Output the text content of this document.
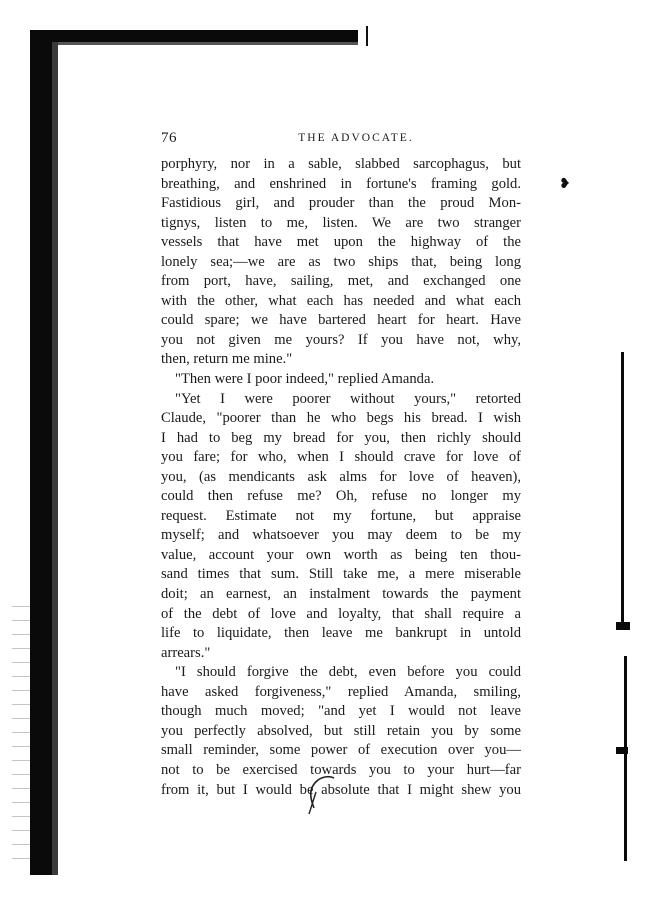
❥
76	THE ADVOCATE.
porphyry, nor in a sable, slabbed sarcophagus, but
breathing, and enshrined in fortune's framing gold.
Fastidious girl, and prouder than the proud Mon-
tignys, listen to me, listen. We are two stranger
vessels that have met upon the highway of the
lonely sea;—we are as two ships that, being long
from port, have, sailing, met, and exchanged one
with the other, what each has needed and what each
could spare; we have bartered heart for heart. Have
you not given me yours? If you have not, why,
then, return me mine."
"Then were I poor indeed," replied Amanda.
"Yet I were poorer without yours," retorted
Claude, "poorer than he who begs his bread. I wish
I had to beg my bread for you, then richly should
you fare; for who, when I should crave for love of
you, (as mendicants ask alms for love of heaven),
could then refuse me? Oh, refuse no longer my
request. Estimate not my fortune, but appraise
myself; and whatsoever you may deem to be my
value, account your own worth as being ten thou-
sand times that sum. Still take me, a mere miserable
doit; an earnest, an instalment towards the payment
of the debt of love and loyalty, that shall require a
life to liquidate, then leave me bankrupt in untold
arrears."
"I should forgive the debt, even before you could
have asked forgiveness," replied Amanda, smiling,
though much moved; "and yet I would not leave
you perfectly absolved, but still retain you by some
small reminder, some power of execution over you—
not to be exercised towards you to your hurt—far
from it, but I would be absolute that I might shew you
